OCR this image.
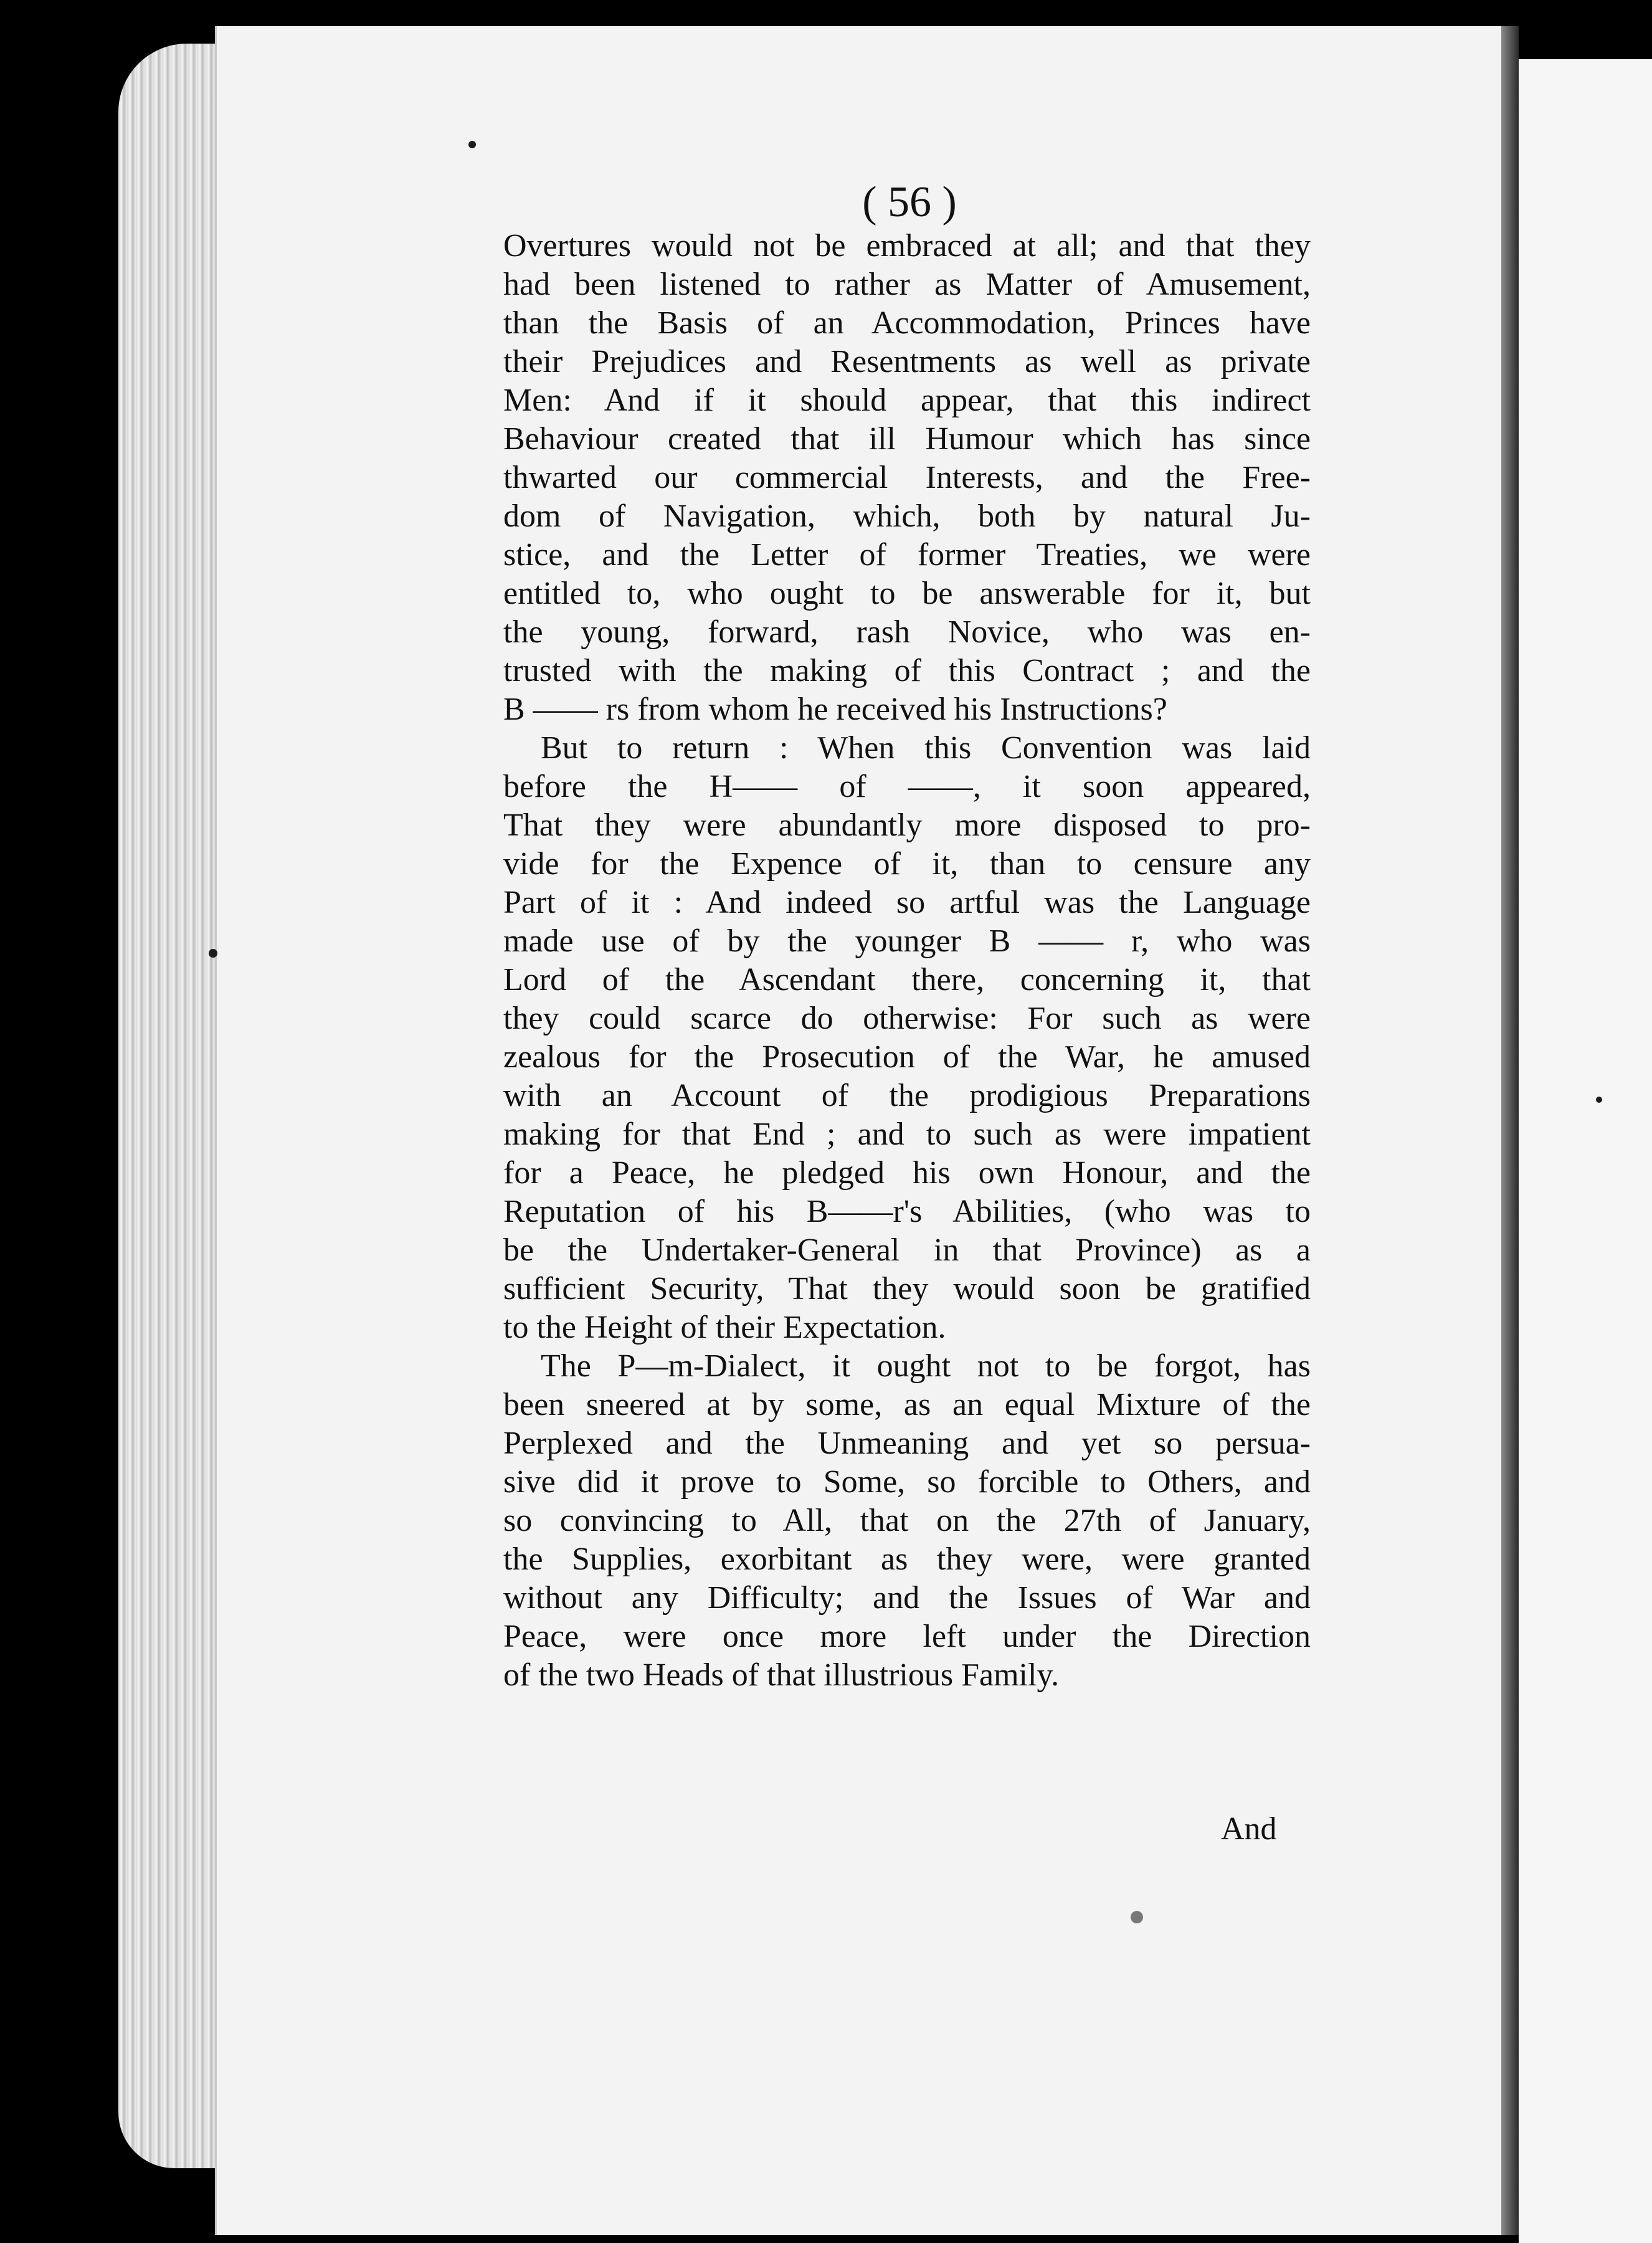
( 56 )
Overtures would not be embraced at all; and that they
had been listened to rather as Matter of Amusement,
than the Basis of an Accommodation, Princes have
their Prejudices and Resentments as well as private
Men: And if it should appear, that this indirect
Behaviour created that ill Humour which has since
thwarted our commercial Interests, and the Free-
dom of Navigation, which, both by natural Ju-
stice, and the Letter of former Treaties, we were
entitled to, who ought to be answerable for it, but
the young, forward, rash Novice, who was en-
trusted with the making of this Contract ; and the
B —— rs from whom he received his Instructions?
But to return : When this Convention was laid
before the H—— of ——, it soon appeared,
That they were abundantly more disposed to pro-
vide for the Expence of it, than to censure any
Part of it : And indeed so artful was the Language
made use of by the younger B —— r, who was
Lord of the Ascendant there, concerning it, that
they could scarce do otherwise: For such as were
zealous for the Prosecution of the War, he amused
with an Account of the prodigious Preparations
making for that End ; and to such as were impatient
for a Peace, he pledged his own Honour, and the
Reputation of his B——r's Abilities, (who was to
be the Undertaker-General in that Province) as a
sufficient Security, That they would soon be gratified
to the Height of their Expectation.
The P—m-Dialect, it ought not to be forgot, has
been sneered at by some, as an equal Mixture of the
Perplexed and the Unmeaning and yet so persua-
sive did it prove to Some, so forcible to Others, and
so convincing to All, that on the 27th of January,
the Supplies, exorbitant as they were, were granted
without any Difficulty; and the Issues of War and
Peace, were once more left under the Direction
of the two Heads of that illustrious Family.
And
